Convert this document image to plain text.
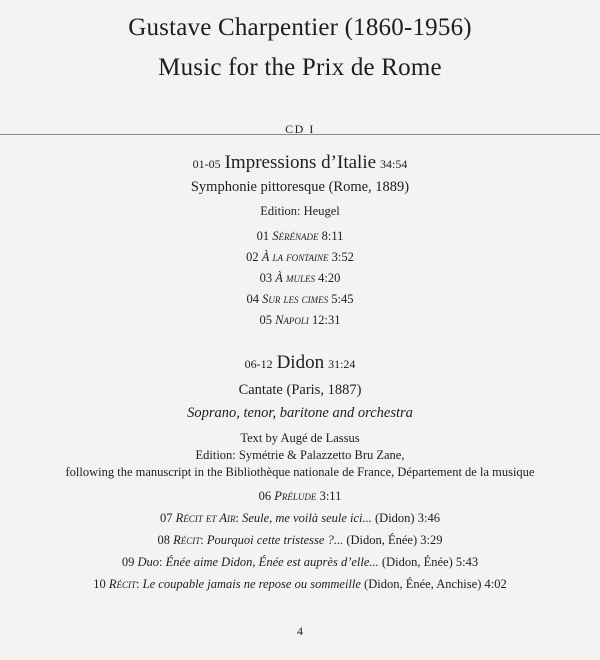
Gustave Charpentier (1860-1956)
Music for the Prix de Rome
CD I
01-05 Impressions d’Italie 34:54
Symphonie pittoresque (Rome, 1889)
Edition: Heugel
01 Sérénade 8:11
02 À la fontaine 3:52
03 À mules 4:20
04 Sur les cimes 5:45
05 Napoli 12:31
06-12 Didon 31:24
Cantate (Paris, 1887)
Soprano, tenor, baritone and orchestra
Text by Augé de Lassus
Edition: Symétrie & Palazzetto Bru Zane,
following the manuscript in the Bibliothèque nationale de France, Département de la musique
06 Prélude 3:11
07 Récit et Air: Seule, me voilà seule ici... (Didon) 3:46
08 Récit: Pourquoi cette tristesse ?... (Didon, Énée) 3:29
09 Duo: Énée aime Didon, Énée est auprès d’elle... (Didon, Énée) 5:43
10 Récit: Le coupable jamais ne repose ou sommeille (Didon, Énée, Anchise) 4:02
4
